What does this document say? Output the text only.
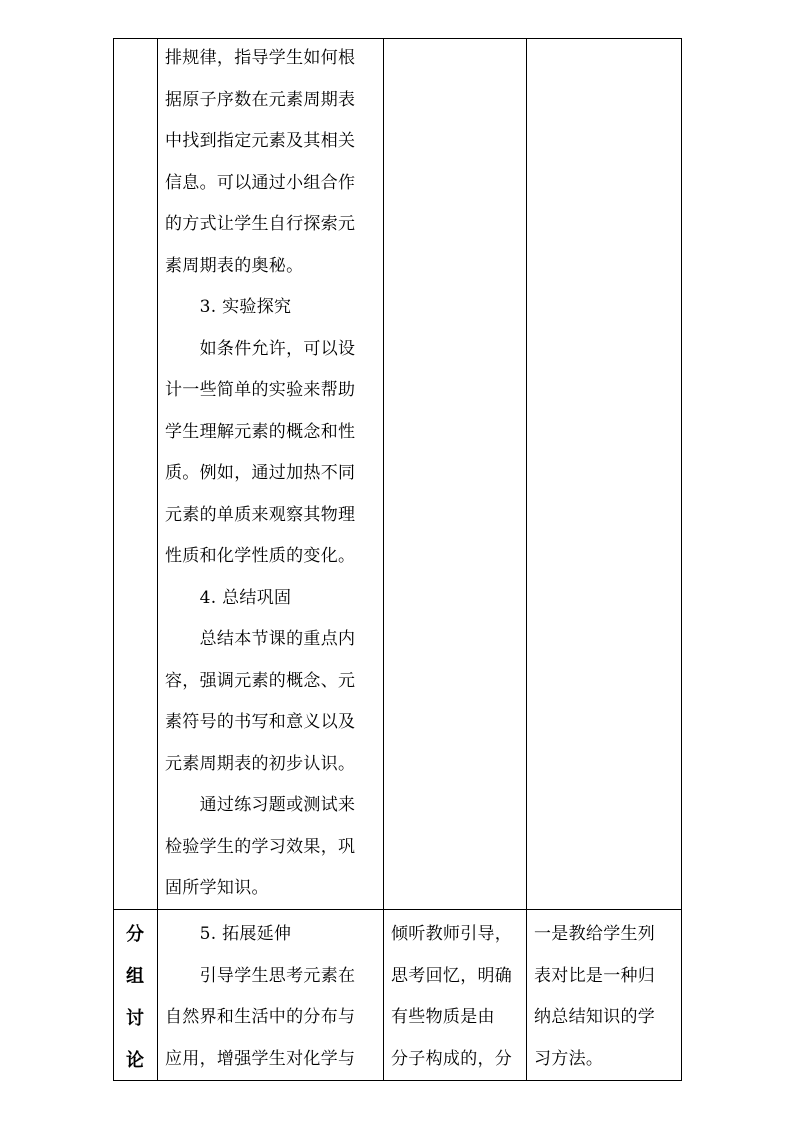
排规律，指导学生如何根

据原子序数在元素周期表

中找到指定元素及其相关

信息。可以通过小组合作

的方式让学生自行探索元

素周期表的奥秘。

　　3. 实验探究

　　如条件允许，可以设

计一些简单的实验来帮助

学生理解元素的概念和性

质。例如，通过加热不同

元素的单质来观察其物理

性质和化学性质的变化。

　　4. 总结巩固

　　总结本节课的重点内

容，强调元素的概念、元

素符号的书写和意义以及

元素周期表的初步认识。

　　通过练习题或测试来

检验学生的学习效果，巩

固所学知识。

分
组
讨
论

　　5. 拓展延伸

　　引导学生思考元素在

自然界和生活中的分布与

应用，增强学生对化学与

倾听教师引导，

思考回忆，明确

有些物质是由

分子构成的，分

一是教给学生列

表对比是一种归

纳总结知识的学

习方法。
